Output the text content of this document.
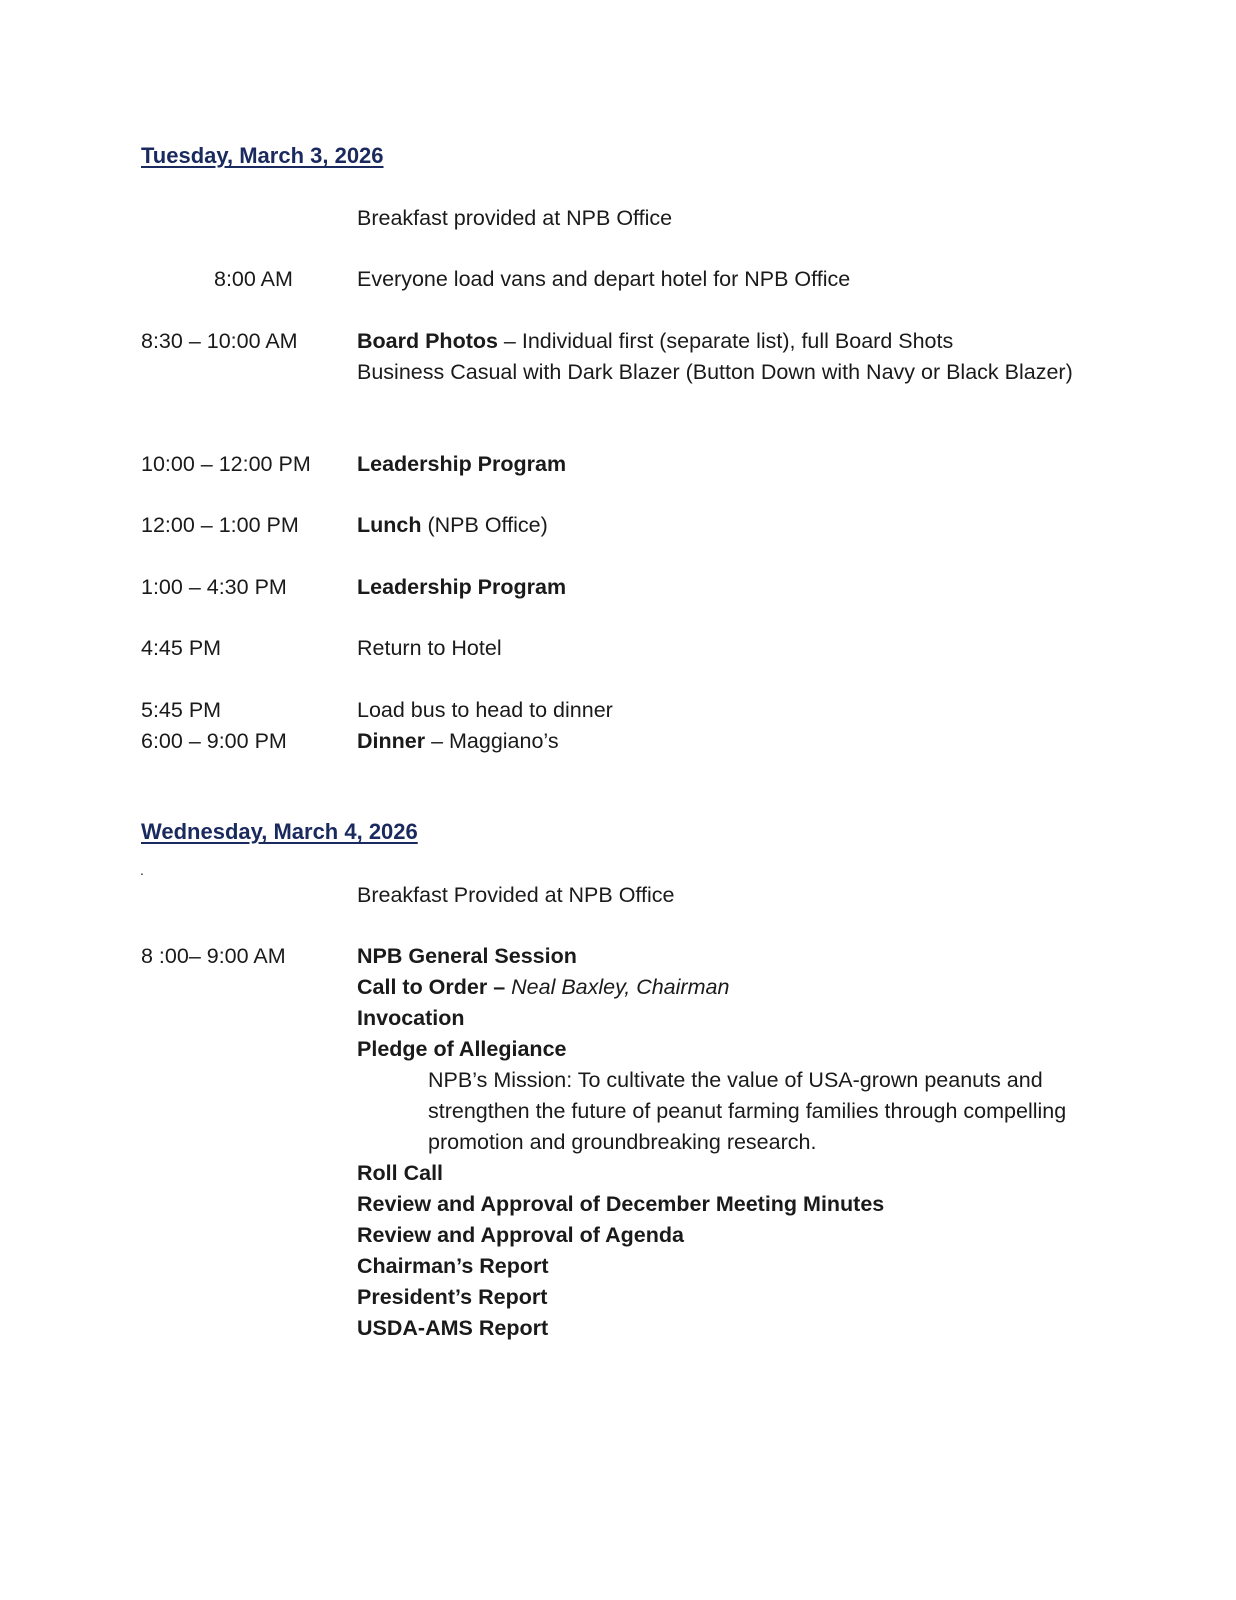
Tuesday, March 3, 2026
Breakfast provided at NPB Office
8:00 AM	Everyone load vans and depart hotel for NPB Office
8:30 – 10:00 AM	Board Photos – Individual first (separate list), full Board Shots
Business Casual with Dark Blazer (Button Down with Navy or Black Blazer)
10:00 – 12:00 PM Leadership Program
12:00 – 1:00 PM	Lunch (NPB Office)
1:00 – 4:30 PM	Leadership Program
4:45 PM	Return to Hotel
5:45 PM	Load bus to head to dinner
6:00 – 9:00 PM	Dinner – Maggiano’s
Wednesday, March 4, 2026
.
Breakfast Provided at NPB Office
8 :00– 9:00 AM	NPB General Session
Call to Order – Neal Baxley, Chairman
Invocation
Pledge of Allegiance
NPB’s Mission: To cultivate the value of USA-grown peanuts and strengthen the future of peanut farming families through compelling promotion and groundbreaking research.
Roll Call
Review and Approval of December Meeting Minutes
Review and Approval of Agenda
Chairman’s Report
President’s Report
USDA-AMS Report
